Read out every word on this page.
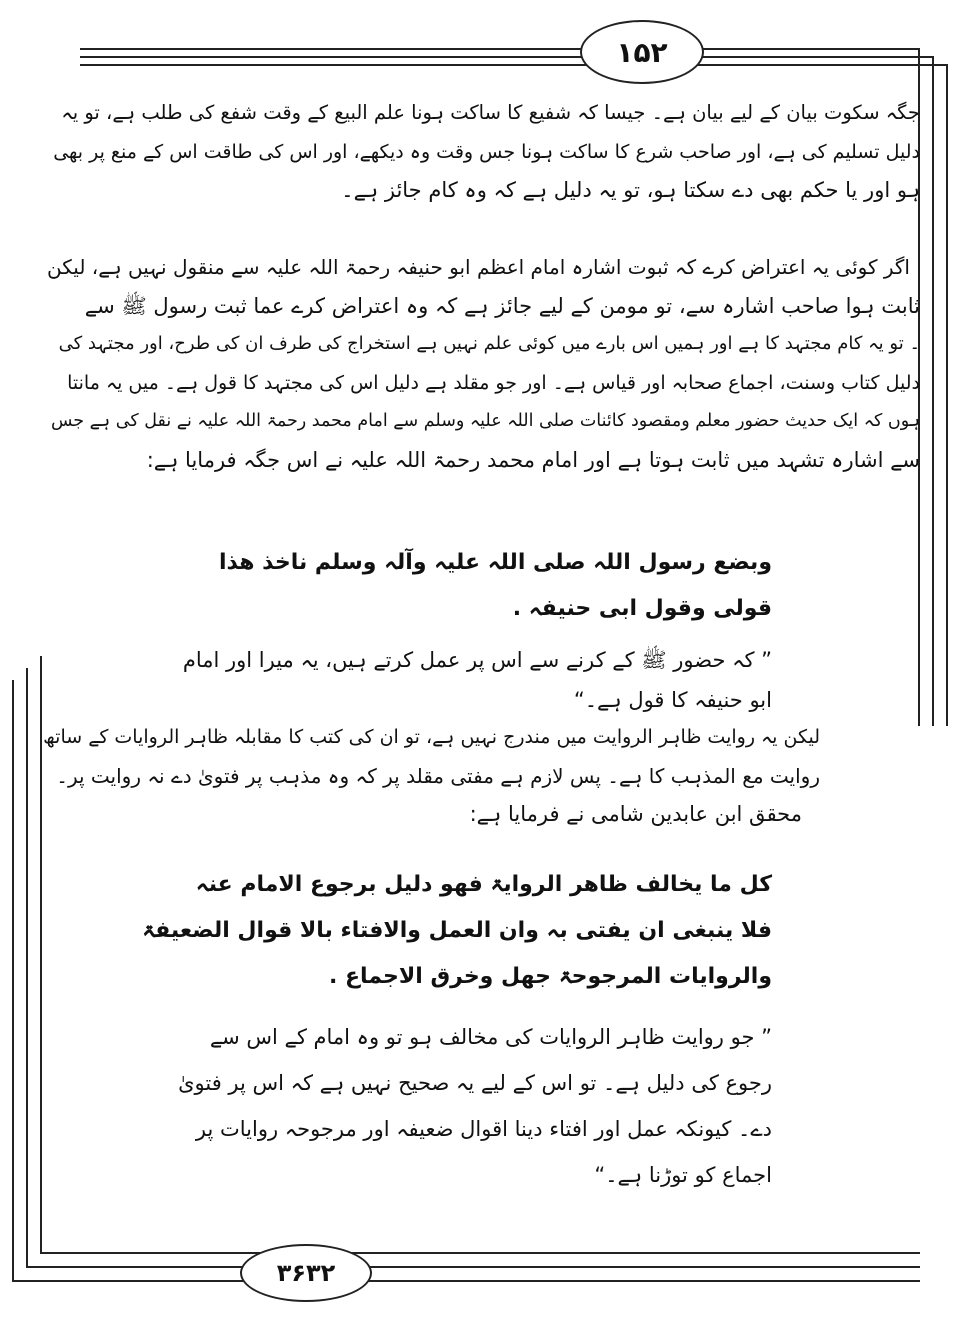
۱۵۲
۳۶۳۲

جگہ سکوت بیان کے لیے بیان ہے۔ جیسا کہ شفیع کا ساکت ہونا علم البیع کے وقت شفع کی طلب ہے، تو یہ

دلیل تسلیم کی ہے، اور صاحب شرع کا ساکت ہونا جس وقت وہ دیکھے، اور اس کی طاقت اس کے منع پر بھی

ہو اور یا حکم بھی دے سکتا ہو، تو یہ دلیل ہے کہ وہ کام جائز ہے۔

اگر کوئی یہ اعتراض کرے کہ ثبوت اشارہ امام اعظم ابو حنیفہ رحمۃ اللہ علیہ سے منقول نہیں ہے، لیکن

ثابت ہوا صاحب اشارہ سے، تو مومن کے لیے جائز ہے کہ وہ اعتراض کرے عما ثبت رسول ﷺ سے

۔ تو یہ کام مجتہد کا ہے اور ہمیں اس بارے میں کوئی علم نہیں ہے استخراج کی طرف ان کی طرح، اور مجتہد کی

دلیل کتاب وسنت، اجماع صحابہ اور قیاس ہے۔ اور جو مقلد ہے دلیل اس کی مجتہد کا قول ہے۔ میں یہ مانتا

ہوں کہ ایک حدیث حضور معلم ومقصود کائنات صلی اللہ علیہ وسلم سے امام محمد رحمۃ اللہ علیہ نے نقل کی ہے جس

سے اشارہ تشہد میں ثابت ہوتا ہے اور امام محمد رحمۃ اللہ علیہ نے اس جگہ فرمایا ہے:

وبضع رسول اللہ صلی اللہ علیہ وآلہ وسلم ناخذ ھذا

قولی وقول ابی حنیفہ .

” کہ حضور ﷺ کے کرنے سے اس پر عمل کرتے ہیں، یہ میرا اور امام

ابو حنیفہ کا قول ہے۔“

لیکن یہ روایت ظاہر الروایت میں مندرج نہیں ہے، تو ان کی کتب کا مقابلہ ظاہر الروایات کے ساتھ

روایت مع المذہب کا ہے۔ پس لازم ہے مفتی مقلد پر کہ وہ مذہب پر فتویٰ دے نہ روایت پر۔

محقق ابن عابدین شامی نے فرمایا ہے:

کل ما یخالف ظاھر الروایۃ فھو دلیل برجوع الامام عنہ

فلا ینبغی ان یفتی بہ وان العمل والافتاء بالا قوال الضعیفۃ

والروایات المرجوحۃ جھل وخرق الاجماع .

” جو روایت ظاہر الروایات کی مخالف ہو تو وہ امام کے اس سے

رجوع کی دلیل ہے۔ تو اس کے لیے یہ صحیح نہیں ہے کہ اس پر فتویٰ

دے۔ کیونکہ عمل اور افتاء دینا اقوال ضعیفہ اور مرجوحہ روایات پر

اجماع کو توڑنا ہے۔“
